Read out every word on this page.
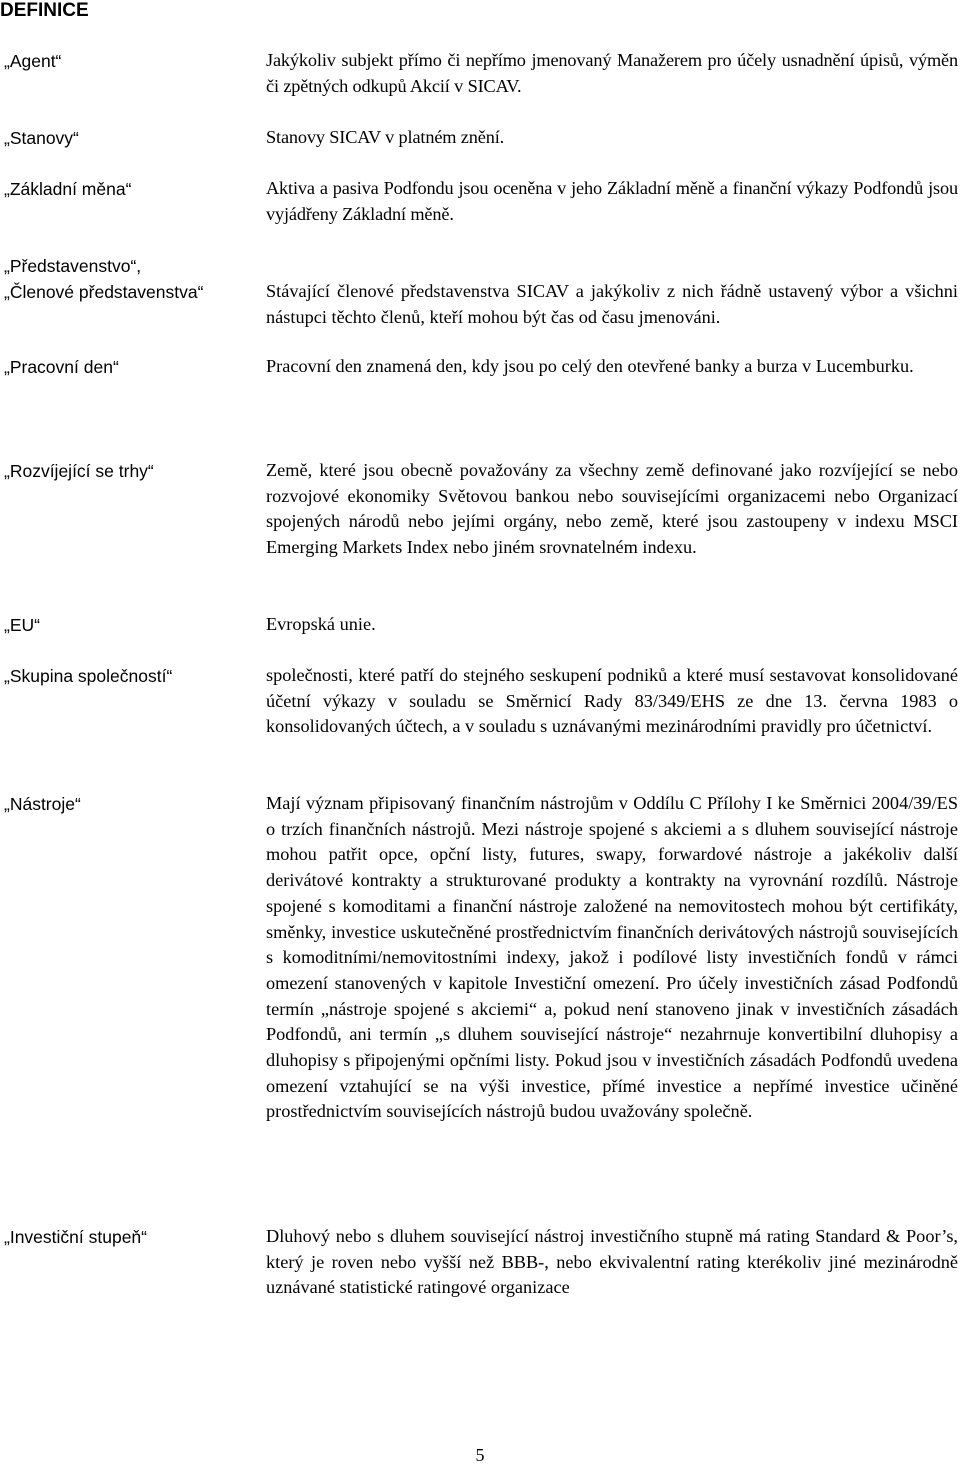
DEFINICE
„Agent“	Jakýkoliv subjekt přímo či nepřímo jmenovaný Manažerem pro účely usnadnění úpisů, výměn či zpětných odkupů Akcií v SICAV.
„Stanovy“	Stanovy SICAV v platném znění.
„Základní měna“	Aktiva a pasiva Podfondu jsou oceněna v jeho Základní měně a finanční výkazy Podfondů jsou vyjádřeny Základní měně.
„Představenstvo“,
„Členové představenstva“	Stávající členové představenstva SICAV a jakýkoliv z nich řádně ustavený výbor a všichni nástupci těchto členů, kteří mohou být čas od času jmenováni.
„Pracovní den“	Pracovní den znamená den, kdy jsou po celý den otevřené banky a burza v Lucemburku.
„Rozvíjející se trhy“	Země, které jsou obecně považovány za všechny země definované jako rozvíjející se nebo rozvojové ekonomiky Světovou bankou nebo souvisejícími organizacemi nebo Organizací spojených národů nebo jejími orgány, nebo země, které jsou zastoupeny v indexu MSCI Emerging Markets Index nebo jiném srovnatelném indexu.
„EU“	Evropská unie.
„Skupina společností“	společnosti, které patří do stejného seskupení podniků a které musí sestavovat konsolidované účetní výkazy v souladu se Směrnicí Rady 83/349/EHS ze dne 13. června 1983 o konsolidovaných účtech, a v souladu s uznávanými mezinárodními pravidly pro účetnictví.
„Nástroje“	Mají význam připisovaný finančním nástrojům v Oddílu C Přílohy I ke Směrnici 2004/39/ES o trzích finančních nástrojů. Mezi nástroje spojené s akciemi a s dluhem související nástroje mohou patřit opce, opční listy, futures, swapy, forwardové nástroje a jakékoliv další derivátové kontrakty a strukturované produkty a kontrakty na vyrovnání rozdílů. Nástroje spojené s komoditami a finanční nástroje založené na nemovitostech mohou být certifikáty, směnky, investice uskutečněné prostřednictvím finančních derivátových nástrojů souvisejících s komoditními/nemovitostními indexy, jakož i podílové listy investičních fondů v rámci omezení stanovených v kapitole Investiční omezení. Pro účely investičních zásad Podfondů termín „nástroje spojené s akciemi“ a, pokud není stanoveno jinak v investičních zásadách Podfondů, ani termín „s dluhem související nástroje“ nezahrnuje konvertibilní dluhopisy a dluhopisy s připojenými opčními listy. Pokud jsou v investičních zásadách Podfondů uvedena omezení vztahující se na výši investice, přímé investice a nepřímé investice učiněné prostřednictvím souvisejících nástrojů budou uvažovány společně.
„Investiční stupeň“	Dluhový nebo s dluhem související nástroj investičního stupně má rating Standard & Poor’s, který je roven nebo vyšší než BBB-, nebo ekvivalentní rating kterékoliv jiné mezinárodně uznávané statistické ratingové organizace
5
